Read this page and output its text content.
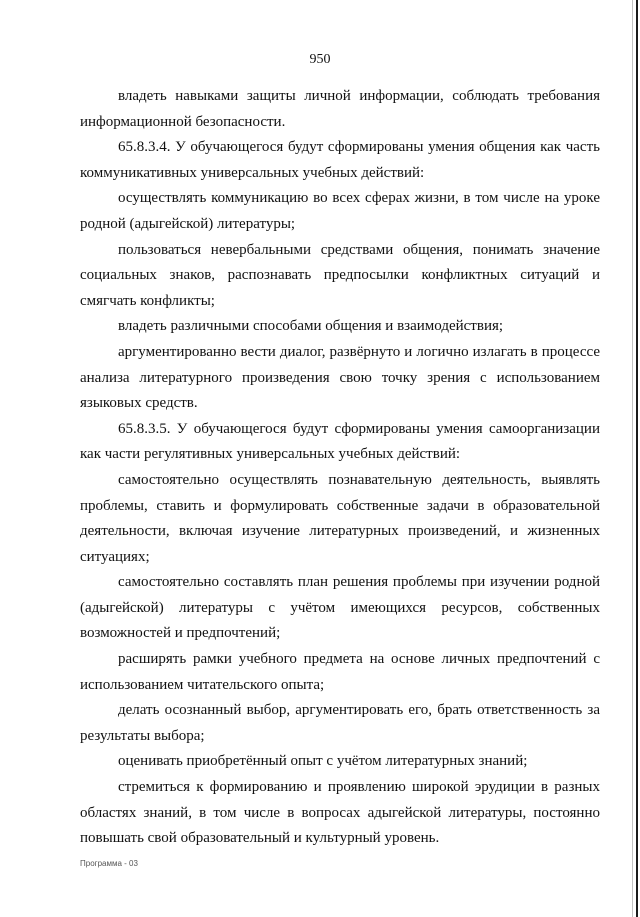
950

владеть навыками защиты личной информации, соблюдать требования информационной безопасности.

65.8.3.4. У обучающегося будут сформированы умения общения как часть коммуникативных универсальных учебных действий:

осуществлять коммуникацию во всех сферах жизни, в том числе на уроке родной (адыгейской) литературы;

пользоваться невербальными средствами общения, понимать значение социальных знаков, распознавать предпосылки конфликтных ситуаций и смягчать конфликты;

владеть различными способами общения и взаимодействия;

аргументированно вести диалог, развёрнуто и логично излагать в процессе анализа литературного произведения свою точку зрения с использованием языковых средств.

65.8.3.5. У обучающегося будут сформированы умения самоорганизации как части регулятивных универсальных учебных действий:

самостоятельно осуществлять познавательную деятельность, выявлять проблемы, ставить и формулировать собственные задачи в образовательной деятельности, включая изучение литературных произведений, и жизненных ситуациях;

самостоятельно составлять план решения проблемы при изучении родной (адыгейской) литературы с учётом имеющихся ресурсов, собственных возможностей и предпочтений;

расширять рамки учебного предмета на основе личных предпочтений с использованием читательского опыта;

делать осознанный выбор, аргументировать его, брать ответственность за результаты выбора;

оценивать приобретённый опыт с учётом литературных знаний;

стремиться к формированию и проявлению широкой эрудиции в разных областях знаний, в том числе в вопросах адыгейской литературы, постоянно повышать свой образовательный и культурный уровень.

Программа - 03
